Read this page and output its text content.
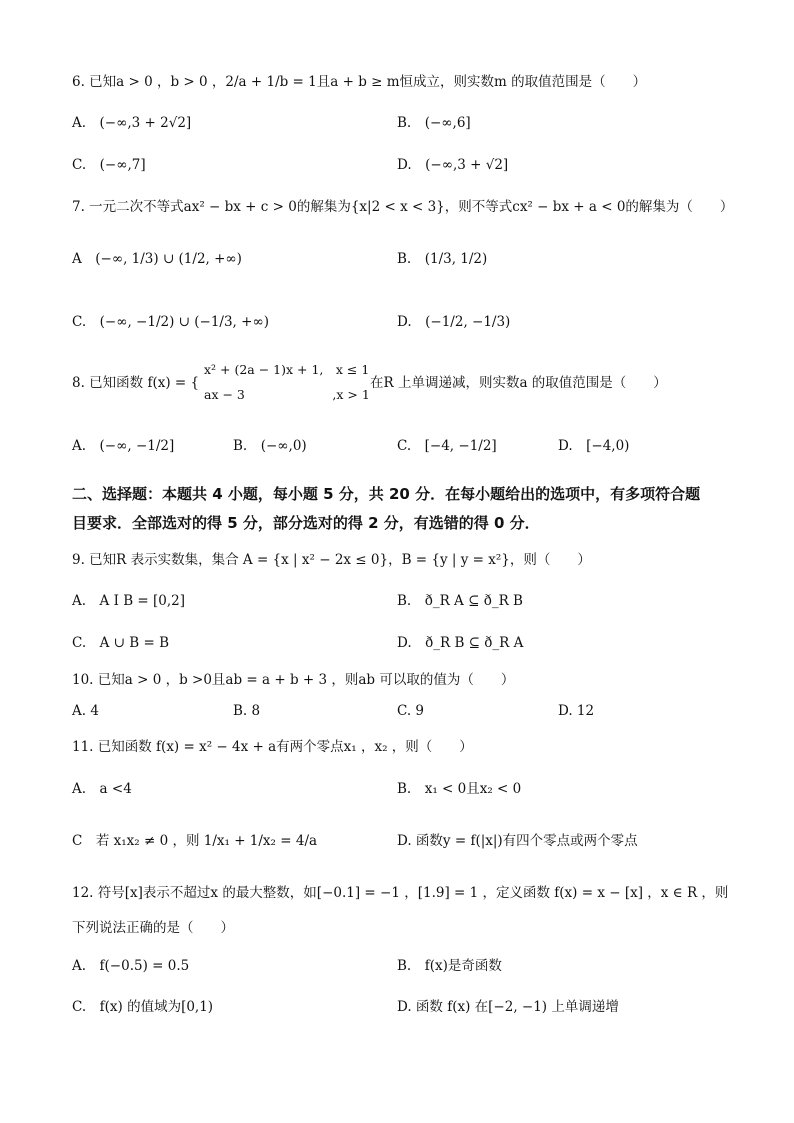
6. 已知a > 0 ，b > 0 ，2/a + 1/b = 1且a + b ≥ m恒成立，则实数m 的取值范围是（　　）
A.　(−∞,3 + 2√2]	B.　(−∞,6]
C.　(−∞,7]	D.　(−∞,3 + √2]
7. 一元二次不等式ax² − bx + c > 0的解集为{x|2 < x < 3}，则不等式cx² − bx + a < 0的解集为（　　）
A　(−∞, 1/3) ∪ (1/2, +∞)	B.　(1/3, 1/2)
C.　(−∞, −1/2) ∪ (−1/3, +∞)	D.　(−1/2, −1/3)
8. 已知函数 f(x) = {
x² + (2a − 1)x + 1,　x ≤ 1
ax − 3　　　　　　　,x > 1
在R 上单调递减，则实数a 的取值范围是（　　）
A.　(−∞, −1/2]	B.　(−∞,0)	C.　[−4, −1/2]	D.　[−4,0)
二、选择题：本题共 4 小题，每小题 5 分，共 20 分．在每小题给出的选项中，有多项符合题
目要求．全部选对的得 5 分，部分选对的得 2 分，有选错的得 0 分．
9. 已知R 表示实数集，集合 A = {x | x² − 2x ≤ 0}，B = {y | y = x²}，则（　　）
A.　A I B = [0,2]	B.　ð_R A ⊆ ð_R B
C.　A ∪ B = B	D.　ð_R B ⊆ ð_R A
10. 已知a > 0 ，b >0且ab = a + b + 3 ，则ab 可以取的值为（　　）
A. 4	B. 8	C. 9	D. 12
11. 已知函数 f(x) = x² − 4x + a有两个零点x₁ ，x₂ ，则（　　）
A.　a <4	B.　x₁ < 0且x₂ < 0
C　若 x₁x₂ ≠ 0 ，则 1/x₁ + 1/x₂ = 4/a	D. 函数y = f(|x|)有四个零点或两个零点
12. 符号[x]表示不超过x 的最大整数，如[−0.1] = −1 ，[1.9] = 1 ，定义函数 f(x) = x − [x] ，x ∈ R ，则
下列说法正确的是（　　）
A.　f(−0.5) = 0.5	B.　f(x)是奇函数
C.　f(x) 的值域为[0,1)	D. 函数 f(x) 在[−2, −1) 上单调递增
